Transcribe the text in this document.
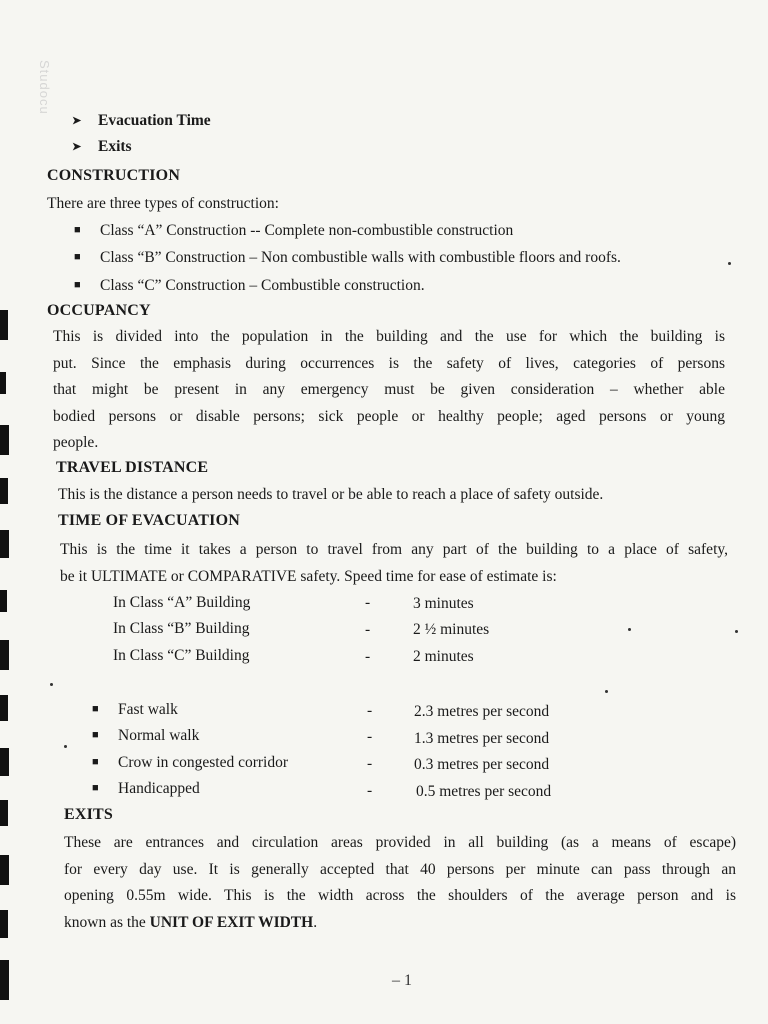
Studocu
➤ Evacuation Time
➤ Exits
CONSTRUCTION
There are three types of construction:
■ Class “A” Construction -- Complete non-combustible construction
■ Class “B” Construction – Non combustible walls with combustible floors and roofs.
■ Class “C” Construction – Combustible construction.
OCCUPANCY
This is divided into the population in the building and the use for which the building is
put. Since the emphasis during occurrences is the safety of lives, categories of persons
that might be present in any emergency must be given consideration – whether able
bodied persons or disable persons; sick people or healthy people; aged persons or young
people.
TRAVEL DISTANCE
This is the distance a person needs to travel or be able to reach a place of safety outside.
TIME OF EVACUATION
This is the time it takes a person to travel from any part of the building to a place of safety,
be it ULTIMATE or COMPARATIVE safety. Speed time for ease of estimate is:
In Class “A” Building	-	3 minutes
In Class “B” Building	-	2 ½ minutes
In Class “C” Building	-	2 minutes
■ Fast walk	-	2.3 metres per second
■ Normal walk	-	1.3 metres per second
■ Crow in congested corridor	-	0.3 metres per second
■ Handicapped	-	0.5 metres per second
EXITS
These are entrances and circulation areas provided in all building (as a means of escape)
for every day use. It is generally accepted that 40 persons per minute can pass through an
opening 0.55m wide. This is the width across the shoulders of the average person and is
known as the UNIT OF EXIT WIDTH.
– 1
